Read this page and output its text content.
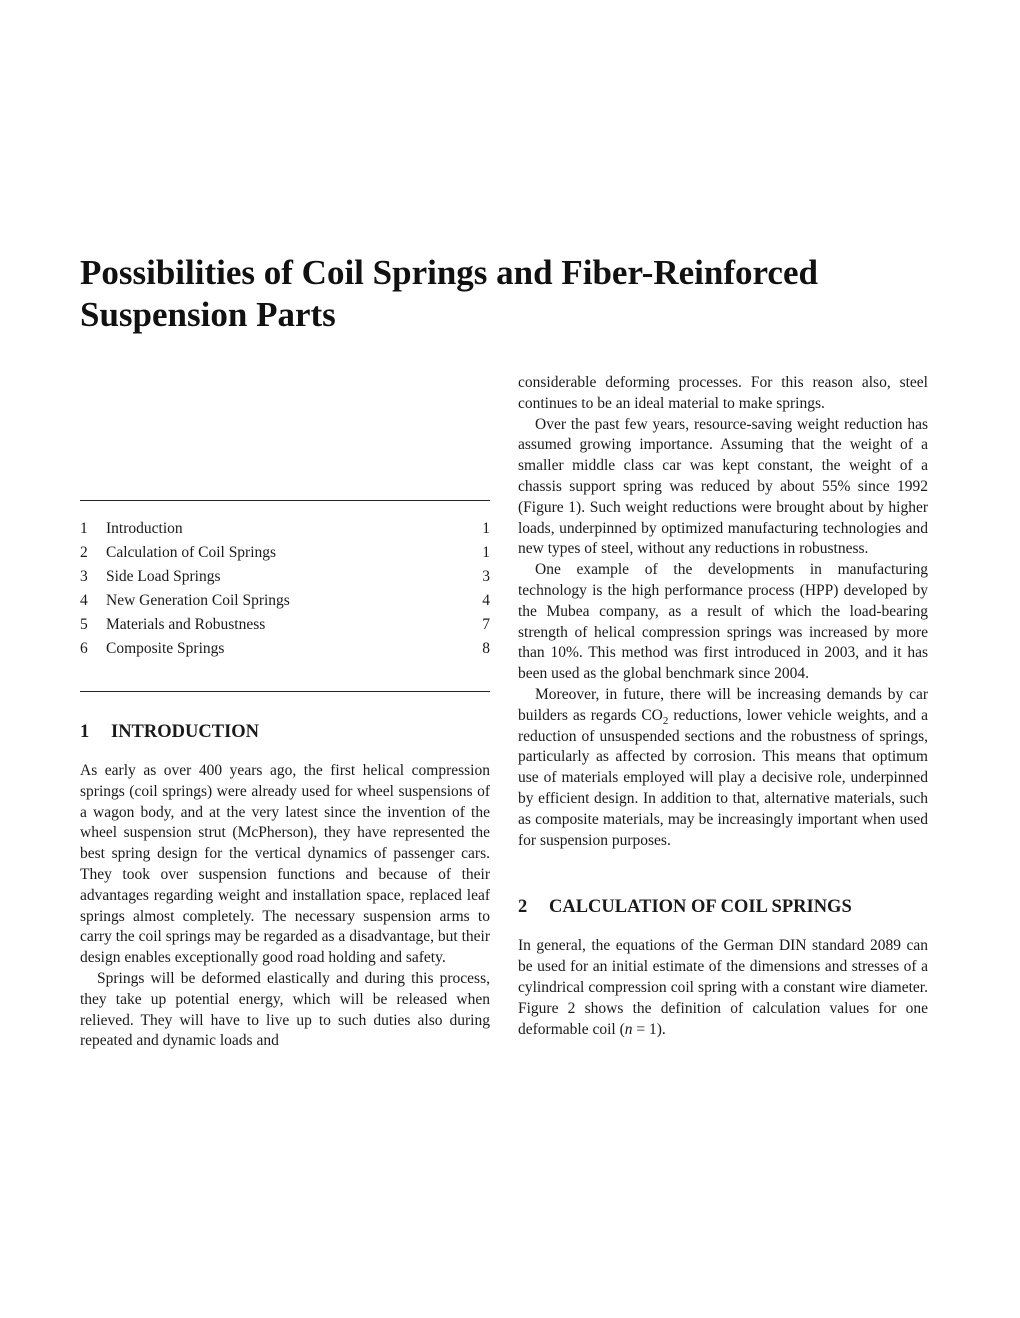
Possibilities of Coil Springs and Fiber-Reinforced Suspension Parts
1	Introduction	1
2	Calculation of Coil Springs	1
3	Side Load Springs	3
4	New Generation Coil Springs	4
5	Materials and Robustness	7
6	Composite Springs	8
1	INTRODUCTION

As early as over 400 years ago, the first helical compression springs (coil springs) were already used for wheel suspensions of a wagon body, and at the very latest since the invention of the wheel suspension strut (McPherson), they have represented the best spring design for the vertical dynamics of passenger cars. They took over suspension functions and because of their advantages regarding weight and installation space, replaced leaf springs almost completely. The necessary suspension arms to carry the coil springs may be regarded as a disadvantage, but their design enables exceptionally good road holding and safety.

Springs will be deformed elastically and during this process, they take up potential energy, which will be released when relieved. They will have to live up to such duties also during repeated and dynamic loads and

considerable deforming processes. For this reason also, steel continues to be an ideal material to make springs.

Over the past few years, resource-saving weight reduction has assumed growing importance. Assuming that the weight of a smaller middle class car was kept constant, the weight of a chassis support spring was reduced by about 55% since 1992 (Figure 1). Such weight reductions were brought about by higher loads, underpinned by optimized manufacturing technologies and new types of steel, without any reductions in robustness.

One example of the developments in manufacturing technology is the high performance process (HPP) developed by the Mubea company, as a result of which the load-bearing strength of helical compression springs was increased by more than 10%. This method was first introduced in 2003, and it has been used as the global benchmark since 2004.

Moreover, in future, there will be increasing demands by car builders as regards $CO_2$ reductions, lower vehicle weights, and a reduction of unsuspended sections and the robustness of springs, particularly as affected by corrosion. This means that optimum use of materials employed will play a decisive role, underpinned by efficient design. In addition to that, alternative materials, such as composite materials, may be increasingly important when used for suspension purposes.

2	CALCULATION OF COIL SPRINGS

In general, the equations of the German DIN standard 2089 can be used for an initial estimate of the dimensions and stresses of a cylindrical compression coil spring with a constant wire diameter. Figure 2 shows the definition of calculation values for one deformable coil (n = 1).
